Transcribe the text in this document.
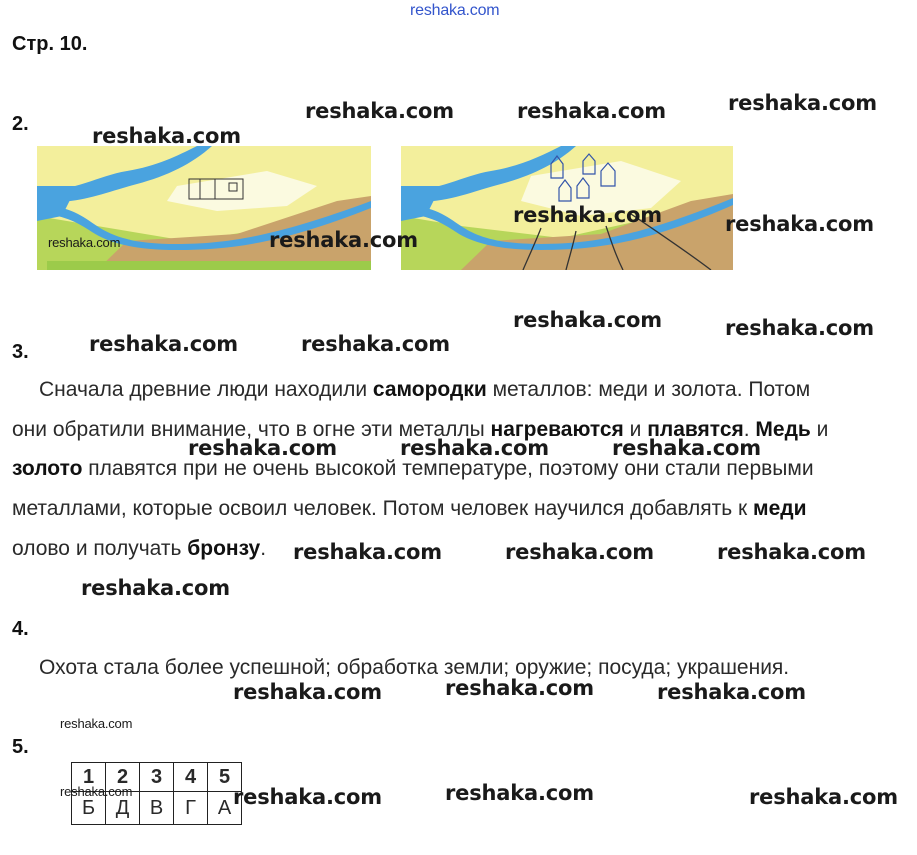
reshaka.com
Стр. 10.
2.
reshaka.com	reshaka.com	reshaka.com
reshaka.com
reshaka.com	reshaka.com
reshaka.com	reshaka.com
reshaka.com	reshaka.com
3.	reshaka.com	reshaka.com
Сначала древние люди находили самородки металлов: меди и золота. Потом
они обратили внимание, что в огне эти металлы нагреваются и плавятся. Медь и
reshaka.com	reshaka.com	reshaka.com
золото плавятся при не очень высокой температуре, поэтому они стали первыми
металлами, которые освоил человек. Потом человек научился добавлять к меди
олово и получать бронзу. reshaka.com	reshaka.com	reshaka.com
reshaka.com
4.
Охота стала более успешной; обработка земли; оружие; посуда; украшения.
reshaka.com	reshaka.com	reshaka.com
reshaka.com
5.
1	2	3	4	5
Б	Д	В	Г	А
reshaka.com	reshaka.com	reshaka.com	reshaka.com
